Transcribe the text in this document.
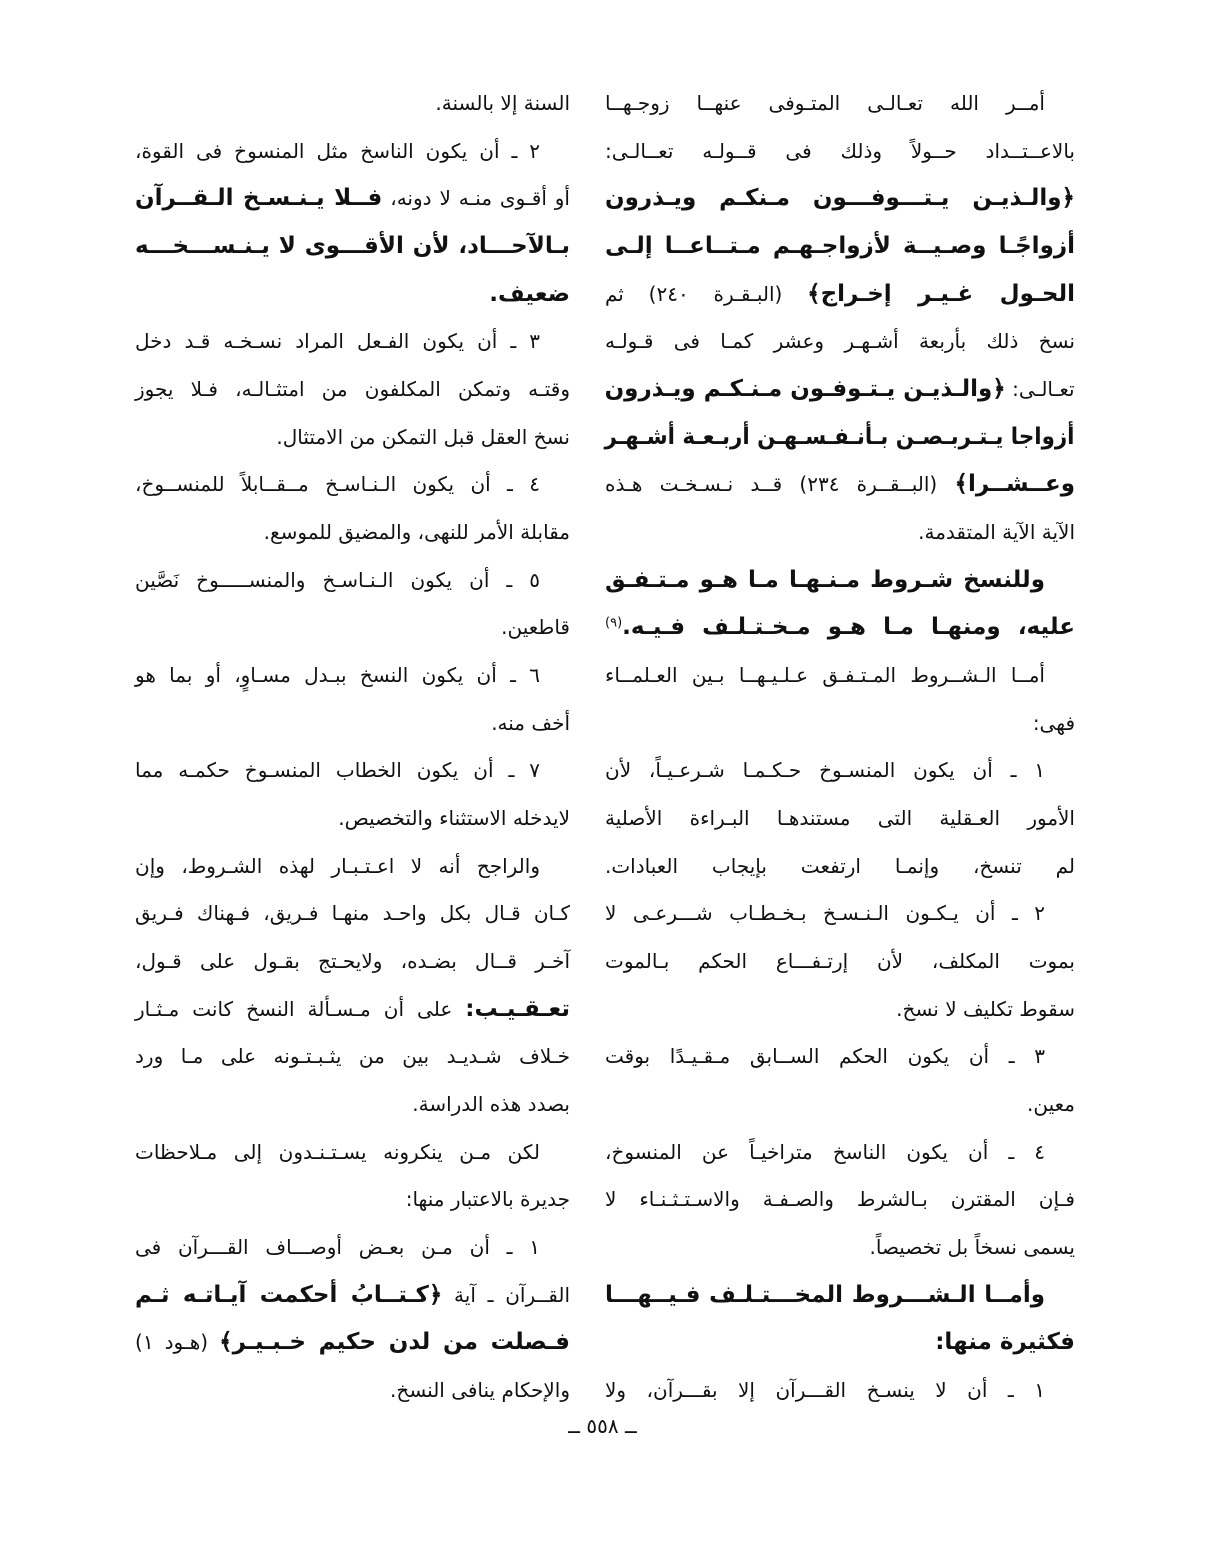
أمــر الله تعـالـى المتـوفى عنهــا زوجـهــا
بالاعــتــداد حــولاً وذلك فى قــولـه تعــالـى:
﴿والـذيـن يـتـــوفـــون مـنكـم ويـذرون
أزواجًـا وصـيــة لأزواجـهـم مـتــاعــا إلـى
الحـول غـيـر إخـراج﴾ (البـقـرة ٢٤٠) ثم
نسخ ذلك بأربعة أشـهـر وعشر كمـا فى قـولـه
تعـالـى: ﴿والـذيـن يـتـوفـون مـنـكـم ويـذرون
أزواجا يـتـربـصـن بـأنـفـسـهـن أربـعـة أشـهـر
وعــشــرا﴾ (البــقــرة ٢٣٤) قــد نـسـخـت هـذه
الآية الآية المتقدمة.
وللنسخ شـروط مـنـهـا مـا هـو مـتـفـق
عليه، ومنهـا مـا هـو مـخـتـلـف فـيـه.$^{(٩)}$
أمــا الـشــروط المـتـفـق عـلـيـهــا بـين العـلمــاء
فهى:
١ ـ أن يكون المنسـوخ حـكـمـا شـرعـيـاً، لأن
الأمور العـقلية التى مستندهـا البـراءة الأصلية
لم تنسخ، وإنمـا ارتفعت بإيجاب العبادات.
٢ ـ أن يـكـون الـنـسـخ بـخـطـاب شـــرعـى لا
بموت المكلف، لأن إرتـفـــاع الحكم بـالموت
سقوط تكليف لا نسخ.
٣ ـ أن يكون الحكم الســابق مـقـيـدًا بوقت
معين.
٤ ـ أن يكون الناسخ متراخيـاً عن المنسوخ،
فـإن المقترن بـالشرط والصـفـة والاسـتـثـنـاء لا
يسمى نسخاً بل تخصيصاً.
وأمــا الـشـــروط المخـــتـلـف فـيــهـــا
فكثيرة منها:
١ ـ أن لا ينسـخ القـــرآن إلا بقـــرآن، ولا
السنة إلا بالسنة.
٢ ـ أن يكون الناسخ مثل المنسوخ فى القوة،
أو أقـوى منـه لا دونه، فــلا يـنـسـخ الـقــرآن
بـالآحـــاد، لأن الأقـــوى لا يـنـســـخـــه
ضعيف.
٣ ـ أن يكون الفـعل المراد نسـخـه قـد دخل
وقتـه وتمكن المكلفون من امتثـالـه، فـلا يجوز
نسخ العقل قبل التمكن من الامتثال.
٤ ـ أن يكون الـنـاسـخ مــقــابلاً للمنســوخ،
مقابلة الأمر للنهى، والمضيق للموسع.
٥ ـ أن يكون الـنـاسـخ والمنســـــوخ نَصَّين
قاطعين.
٦ ـ أن يكون النسخ ببـدل مسـاوٍ، أو بما هو
أخف منه.
٧ ـ أن يكون الخطاب المنسـوخ حكمـه مما
لايدخله الاستثناء والتخصيص.
والراجح أنه لا اعـتـبـار لهذه الشـروط، وإن
كـان قـال بكل واحـد منهـا فـريق، فـهناك فـريق
آخـر قــال بضـده، ولايحـتج بقـول على قـول،
تعـقـيـب: على أن مـسـألة النسخ كانت مـثـار
خـلاف شـديـد بين من يثـبـتـونه على مـا ورد
بصدد هذه الدراسة.
لكن مـن ينكرونه يسـتـنـدون إلى مـلاحظات
جديرة بالاعتبار منها:
١ ـ أن مـن بعـض أوصـــاف القـــرآن فى
القــرآن ـ آية ﴿كـتــابُ أحكمت آيـاتـه ثـم
فـصلت من لدن حكيم خـبـيـر﴾ (هـود ١)
والإحكام ينافى النسخ.
ــ ٥٥٨ ــ
